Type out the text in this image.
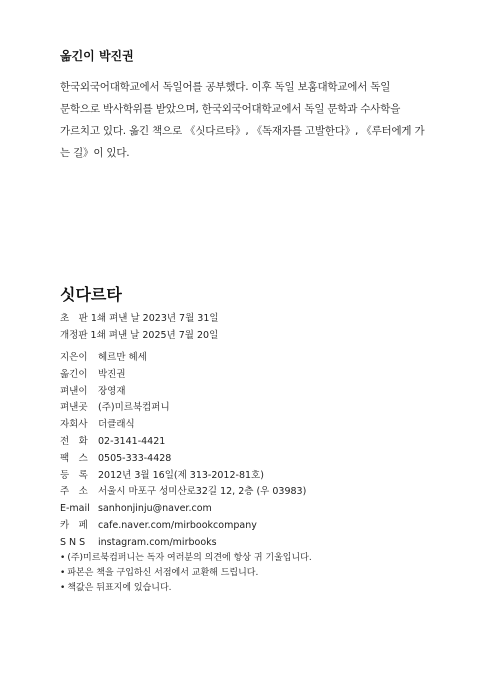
옮긴이 박진권

한국외국어대학교에서 독일어를 공부했다. 이후 독일 보훔대학교에서 독일
문학으로 박사학위를 받았으며, 한국외국어대학교에서 독일 문학과 수사학을
가르치고 있다. 옮긴 책으로 《싯다르타》, 《독재자를 고발한다》, 《루터에게 가
는 길》이 있다.

싯다르타
초　판 1쇄 펴낸 날 2023년 7월 31일
개정판 1쇄 펴낸 날 2025년 7월 20일
지은이	헤르만 헤세
옮긴이	박진권
펴낸이	장영재
펴낸곳	(주)미르북컴퍼니
자회사	더클래식
전　화	02-3141-4421
팩　스	0505-333-4428
등　록	2012년 3월 16일(제 313-2012-81호)
주　소	서울시 마포구 성미산로32길 12, 2층 (우 03983)
E-mail sanhonjinju@naver.com
카　페	cafe.naver.com/mirbookcompany
S N S	instagram.com/mirbooks
• (주)미르북컴퍼니는 독자 여러분의 의견에 항상 귀 기울입니다.
• 파본은 책을 구입하신 서점에서 교환해 드립니다.
• 책값은 뒤표지에 있습니다.
